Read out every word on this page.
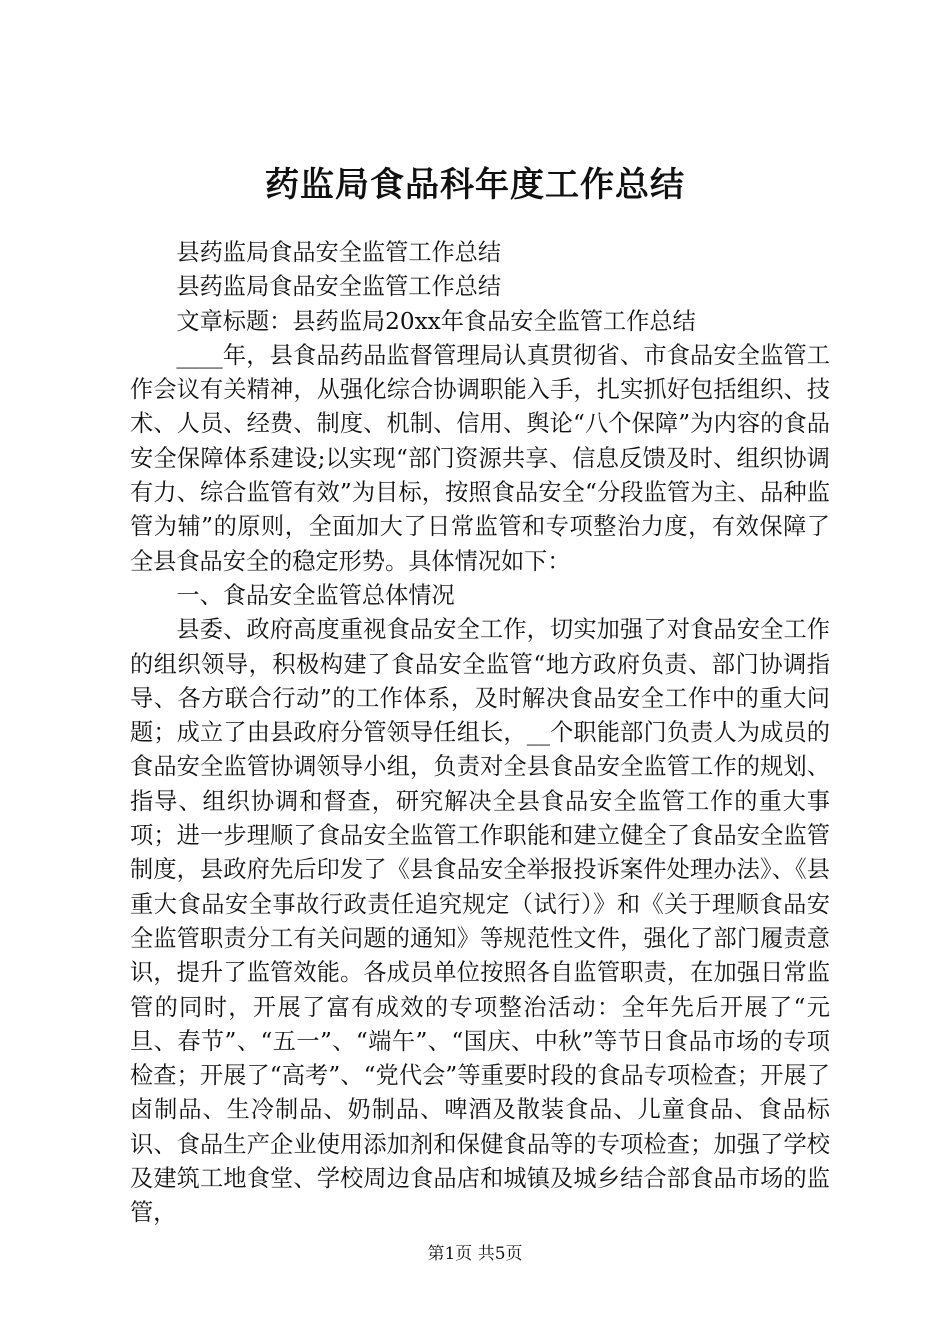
药监局食品科年度工作总结

县药监局食品安全监管工作总结

县药监局食品安全监管工作总结

文章标题：县药监局20xx年食品安全监管工作总结

____年，县食品药品监督管理局认真贯彻省、市食品安全监管工作会议有关精神，从强化综合协调职能入手，扎实抓好包括组织、技术、人员、经费、制度、机制、信用、舆论“八个保障”为内容的食品安全保障体系建设;以实现“部门资源共享、信息反馈及时、组织协调有力、综合监管有效”为目标，按照食品安全“分段监管为主、品种监管为辅”的原则，全面加大了日常监管和专项整治力度，有效保障了全县食品安全的稳定形势。具体情况如下：

一、食品安全监管总体情况

县委、政府高度重视食品安全工作，切实加强了对食品安全工作的组织领导，积极构建了食品安全监管“地方政府负责、部门协调指导、各方联合行动”的工作体系，及时解决食品安全工作中的重大问题；成立了由县政府分管领导任组长，__个职能部门负责人为成员的食品安全监管协调领导小组，负责对全县食品安全监管工作的规划、指导、组织协调和督查，研究解决全县食品安全监管工作的重大事项；进一步理顺了食品安全监管工作职能和建立健全了食品安全监管制度，县政府先后印发了《县食品安全举报投诉案件处理办法》、《县重大食品安全事故行政责任追究规定（试行）》和《关于理顺食品安全监管职责分工有关问题的通知》等规范性文件，强化了部门履责意识，提升了监管效能。各成员单位按照各自监管职责，在加强日常监管的同时，开展了富有成效的专项整治活动：全年先后开展了“元旦、春节”、“五一”、“端午”、“国庆、中秋”等节日食品市场的专项检查；开展了“高考”、“党代会”等重要时段的食品专项检查；开展了卤制品、生冷制品、奶制品、啤酒及散装食品、儿童食品、食品标识、食品生产企业使用添加剂和保健食品等的专项检查；加强了学校及建筑工地食堂、学校周边食品店和城镇及城乡结合部食品市场的监管，

第1页 共5页
